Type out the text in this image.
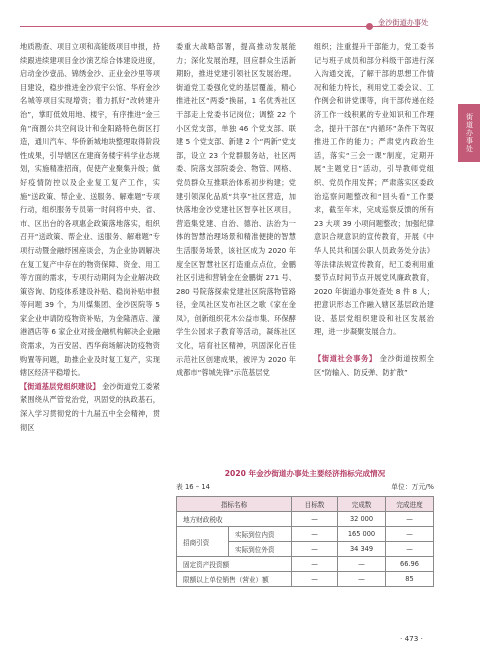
金沙街道办事处
街道办事处

地质勘查、项目立项和高能级项目申报，持续跟进续建项目金沙演艺综合体建设进度，启动金沙壹品、锦绣金沙、正业金沙里等项目建设，稳步推进金沙宸宇公馆、华府金沙名城等项目实现增资；着力抓好“改转建升治”，掌盯低效用地、楼宇，有序推进“金三角”商圈公共空间设计和金阳路特色街区打造，通川汽车、华侨新城地块整理取得阶段性成果，引导辖区在建商务楼宇科学业态规划，实施精准招商，促使产业聚集升级；做好疫情防控以及企业复工复产工作，实施“送政策、帮企业、送服务、解难题”专项行动，组织服务专员第一时间将中央、省、市、区出台的各项惠企政策落地落实，组织召开“送政策、帮企业、送服务、解难题”专项行动暨金融纾困座谈会，为企业协调解决在复工复产中存在的物资保障、资金、用工等方面的需求，专项行动期间为企业解决政策咨询、防疫体系建设补贴、稳岗补贴申报等问题 39 个，为川煤集团、金沙医院等 5 家企业申请防疫物资补贴，为金隆酒店、濠港酒店等 6 家企业对接金融机构解决企业融资需求，为百安居、西华商场解决防疫物资购置等问题，助推企业及时复工复产，实现辖区经济平稳增长。

【街道基层党组织建设】 金沙街道党工委紧紧围绕从严管党治党，巩固党的执政基石，深入学习贯彻党的十九届五中全会精神，贯彻区

委重大战略部署，提高推动发展能力；深化发展治理，回应群众生活新期盼，推进党建引领社区发展治理。街道党工委强化党的基层覆盖，精心推进社区“两委”换届，1 名优秀社区干部走上党委书记岗位；调整 22 个小区党支部，单独 46 个党支部、联建 5 个党支部、新建 2 个“两新”党支部，设立 23 个党群服务站，社区两委、院落支部院委会、物管、网格、党员群众互推联治体系初步构建；党建引领深化品质“共享”社区营造，加快落地金沙党建社区智享社区项目，营造集党建、自治、德治、法治为一体的智慧治理场景和精准便捷的智慧生活服务场景，该社区成为 2020 年度全区智慧社区打造重点点位，金鹏社区引进和营销金在金鹏街 271 号、280 号院落探索党建社区院落物管路径，金凤社区发布社区之歌《家在金凤》，创新组织花木公益市集、环保酵学生公园求子教育等活动，凝练社区文化，培育社区精神，巩固深化百佳示范社区创建成果，被评为 2020 年成都市“蓉城先锋”示范基层党

组织；注重提升干部能力，党工委书记与班子成员和部分科级干部进行深入沟通交流，了解干部的思想工作情况和能力特长，利用党工委会议、工作例会和讲党课等，向干部传递在经济工作一线积累的专业知识和工作理念，提升干部在“内循环”条件下驾驭推进工作的能力；严肃党内政治生活，落实“三会一课”制度，定期开展“主题党日”活动，引导教师党组织、党员作用发挥；严肃落实区委政治巡察问题整改和“回头看”工作要求，截至年末，完成巡察反馈的所有 23 大项 39 小项问题整改；加强纪律意识合规意识的宣传教育，开展《中华人民共和国公职人员政务处分法》等法律法规宣传教育，纪工委利用重要节点时间节点开展党风廉政教育，2020 年街道办事处查处 8 件 8 人；把意识形态工作融入辖区基层政治建设、基层党组织建设和社区发展治理，进一步凝聚发展合力。

【街道社会事务】 金沙街道按照全区“防输入、防反弹、防扩散”

2020 年金沙街道办事处主要经济指标完成情况
表 16 – 14	单位：万元/%
指标名称		目标数	完成数	完成进度
地方财政税收		—	32 000	—
招商引资	实际到位内资	—	165 000	—
	实际到位外资	—	34 349	—
固定资产投资额		—	—	66.96
限额以上单位销售（营业）额		—	—	85
· 473 ·
